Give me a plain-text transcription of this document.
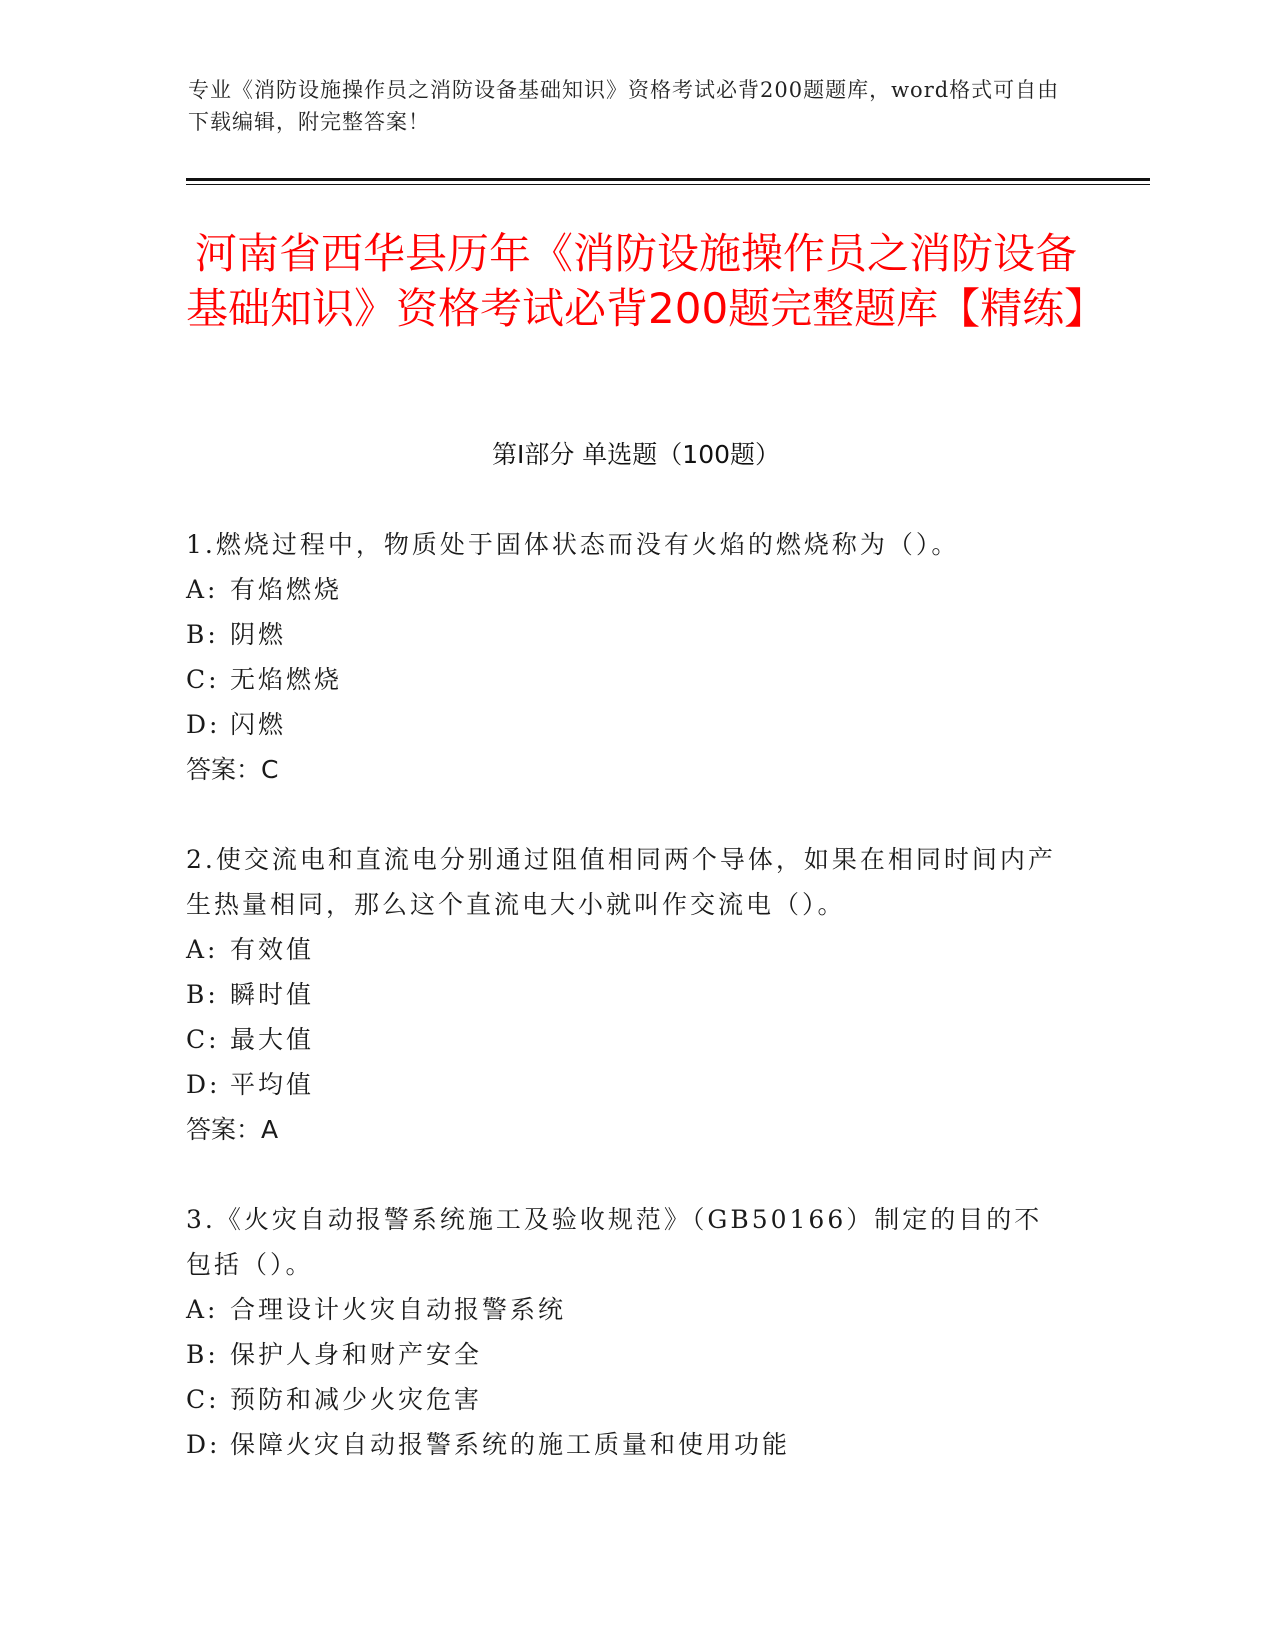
专业《消防设施操作员之消防设备基础知识》资格考试必背200题题库，word格式可自由下载编辑，附完整答案！
河南省西华县历年《消防设施操作员之消防设备基础知识》资格考试必背200题完整题库【精练】
第Ⅰ部分 单选题（100题）

1.燃烧过程中，物质处于固体状态而没有火焰的燃烧称为（）。

A: 有焰燃烧

B: 阴燃

C: 无焰燃烧

D: 闪燃

答案：C

2.使交流电和直流电分别通过阻值相同两个导体，如果在相同时间内产生热量相同，那么这个直流电大小就叫作交流电（）。

A: 有效值

B: 瞬时值

C: 最大值

D: 平均值

答案：A

3.《火灾自动报警系统施工及验收规范》（GB50166）制定的目的不包括（）。

A: 合理设计火灾自动报警系统

B: 保护人身和财产安全

C: 预防和减少火灾危害

D: 保障火灾自动报警系统的施工质量和使用功能
